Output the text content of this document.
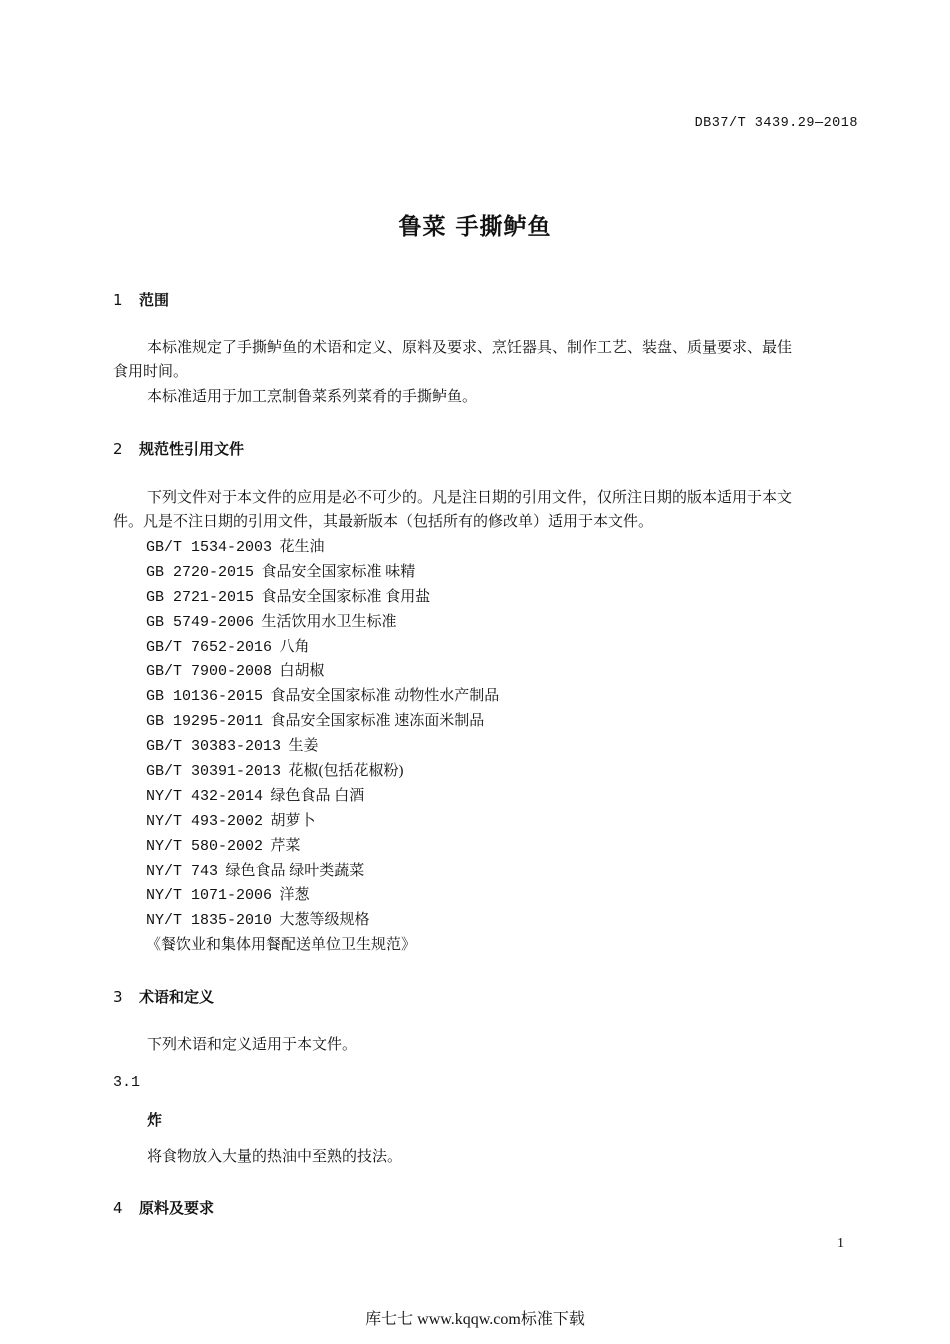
DB37/T 3439.29—2018
鲁菜 手撕鲈鱼
1 范围
本标准规定了手撕鲈鱼的术语和定义、原料及要求、烹饪器具、制作工艺、装盘、质量要求、最佳
食用时间。
本标准适用于加工烹制鲁菜系列菜肴的手撕鲈鱼。
2 规范性引用文件
下列文件对于本文件的应用是必不可少的。凡是注日期的引用文件，仅所注日期的版本适用于本文
件。凡是不注日期的引用文件，其最新版本（包括所有的修改单）适用于本文件。
GB/T 1534-2003 花生油
GB 2720-2015 食品安全国家标准 味精
GB 2721-2015 食品安全国家标准 食用盐
GB 5749-2006 生活饮用水卫生标准
GB/T 7652-2016 八角
GB/T 7900-2008 白胡椒
GB 10136-2015 食品安全国家标准 动物性水产制品
GB 19295-2011 食品安全国家标准 速冻面米制品
GB/T 30383-2013 生姜
GB/T 30391-2013 花椒(包括花椒粉)
NY/T 432-2014 绿色食品 白酒
NY/T 493-2002 胡萝卜
NY/T 580-2002 芹菜
NY/T 743 绿色食品 绿叶类蔬菜
NY/T 1071-2006 洋葱
NY/T 1835-2010 大葱等级规格
《餐饮业和集体用餐配送单位卫生规范》
3 术语和定义
下列术语和定义适用于本文件。
3.1
炸
将食物放入大量的热油中至熟的技法。
4 原料及要求
1
库七七 www.kqqw.com标准下载
